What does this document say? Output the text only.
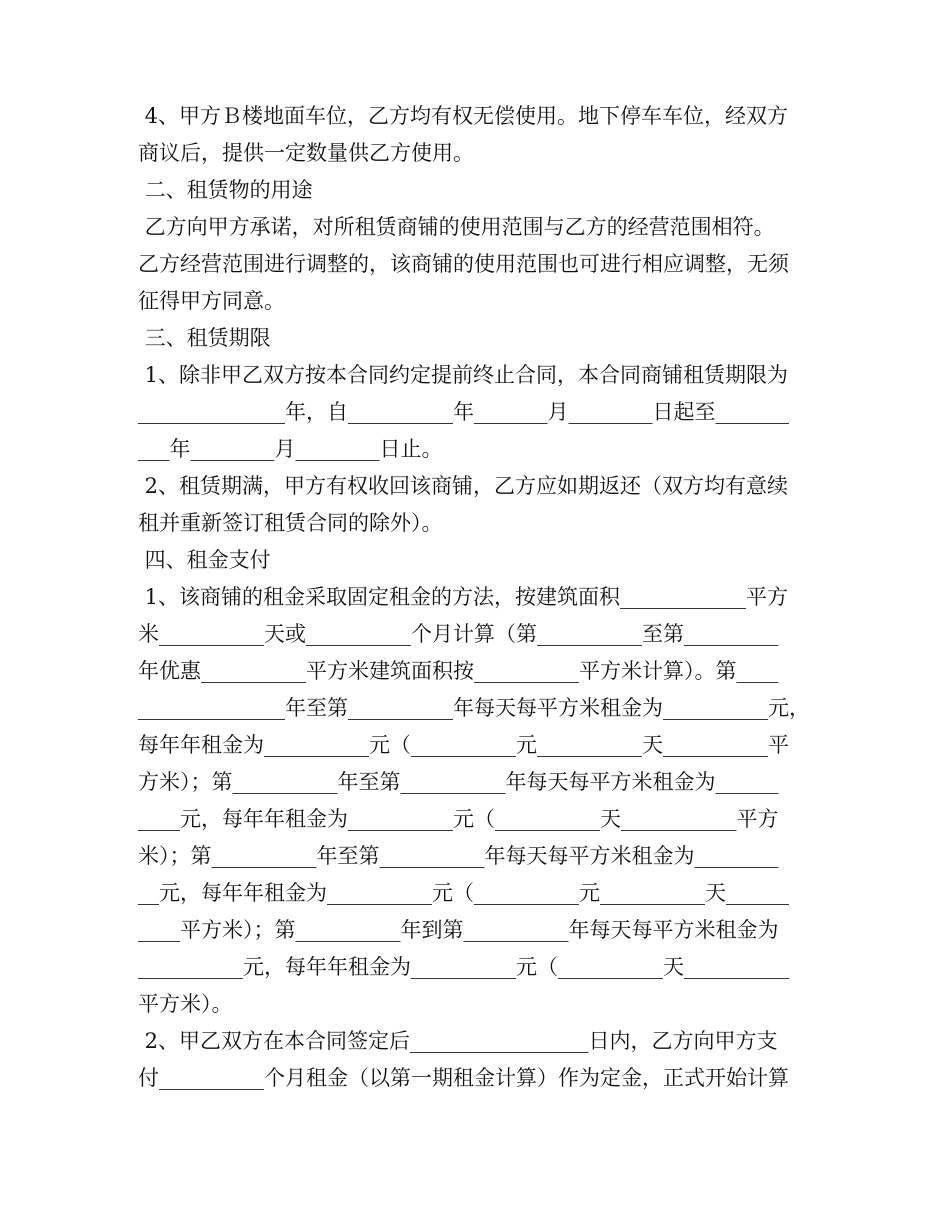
4、甲方Ｂ楼地面车位，乙方均有权无偿使用。地下停车车位，经双方
商议后，提供一定数量供乙方使用。
二、租赁物的用途
乙方向甲方承诺，对所租赁商铺的使用范围与乙方的经营范围相符。
乙方经营范围进行调整的，该商铺的使用范围也可进行相应调整，无须
征得甲方同意。
三、租赁期限
1、除非甲乙双方按本合同约定提前终止合同，本合同商铺租赁期限为
______________年，自__________年_______月________日起至_______
___年________月________日止。
2、租赁期满，甲方有权收回该商铺，乙方应如期返还（双方均有意续
租并重新签订租赁合同的除外）。
四、租金支付
1、该商铺的租金采取固定租金的方法，按建筑面积____________平方
米__________天或__________个月计算（第__________至第_________
年优惠__________平方米建筑面积按__________平方米计算）。第____
______________年至第__________年每天每平方米租金为__________元，
每年年租金为__________元（__________元__________天__________平
方米）；第__________年至第__________年每天每平方米租金为______
____元，每年年租金为__________元（__________天___________平方
米）；第__________年至第__________年每天每平方米租金为________
__元，每年年租金为__________元（__________元__________天______
____平方米）；第__________年到第__________年每天每平方米租金为
__________元，每年年租金为__________元（__________天__________
平方米）。
2、甲乙双方在本合同签定后_________________日内，乙方向甲方支
付__________个月租金（以第一期租金计算）作为定金，正式开始计算
